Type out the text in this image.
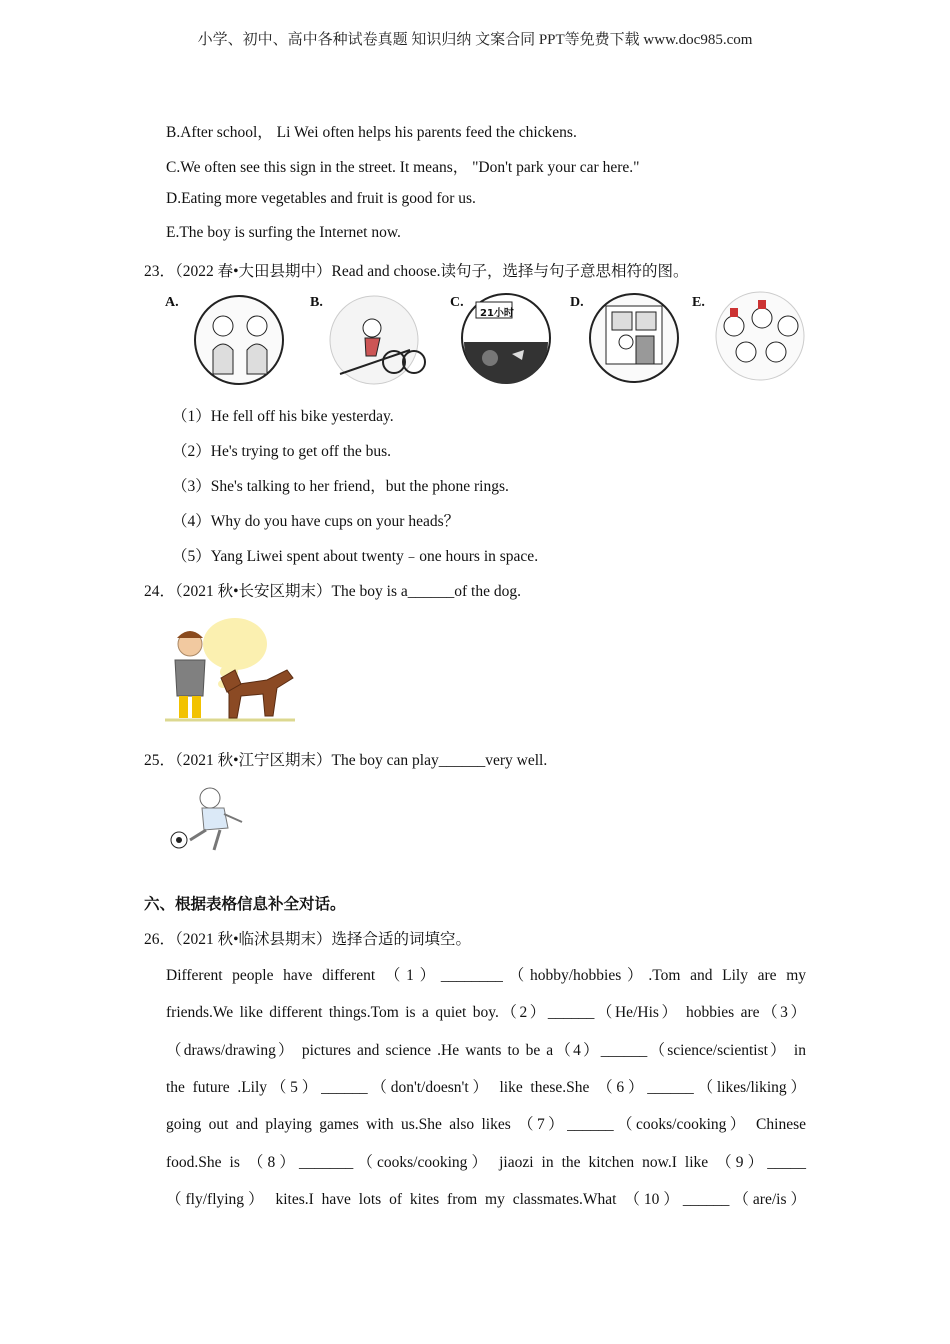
小学、初中、高中各种试卷真题 知识归纳 文案合同 PPT等免费下载 www.doc985.com
B.After school， Li Wei often helps his parents feed the chickens.
C.We often see this sign in the street. It means， "Don't park your car here."
D.Eating more vegetables and fruit is good for us.
E.The boy is surfing the Internet now.
23．（2022 春•大田县期中）Read and choose.读句子，选择与句子意思相符的图。
A.	B.	C.
21小时
D.	E.
（1）He fell off his bike yesterday.
（2）He's trying to get off the bus.
（3）She's talking to her friend，but the phone rings.
（4）Why do you have cups on your heads？
（5）Yang Liwei spent about twenty﹣one hours in space.
24．（2021 秋•长安区期末）The boy is a______of the dog.
25．（2021 秋•江宁区期末）The boy can play______very well.
六、根据表格信息补全对话。
26．（2021 秋•临沭县期末）选择合适的词填空。
Different people have different （1）________（hobby/hobbies）.Tom and Lily are my
friends.We like different things.Tom is a quiet boy.（2）______（He/His） hobbies are（3）
（draws/drawing） pictures and science .He wants to be a（4）______（science/scientist） in
the future .Lily（5）______（don't/doesn't） like these.She （6）______（likes/liking）
going out and playing games with us.She also likes （7）______（cooks/cooking） Chinese
food.She is （8）_______（cooks/cooking） jiaozi in the kitchen now.I like （9）_____
（fly/flying） kites.I have lots of kites from my classmates.What （10）______（are/is）
